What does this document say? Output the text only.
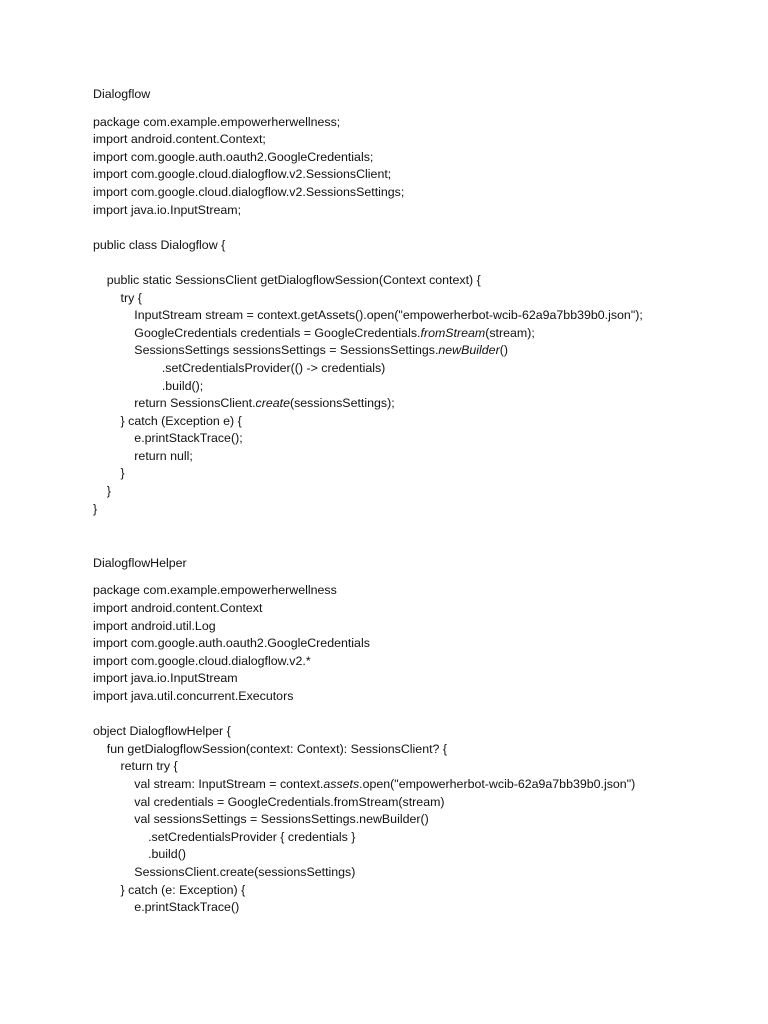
Dialogflow
package com.example.empowerherwellness;
import android.content.Context;
import com.google.auth.oauth2.GoogleCredentials;
import com.google.cloud.dialogflow.v2.SessionsClient;
import com.google.cloud.dialogflow.v2.SessionsSettings;
import java.io.InputStream;
public class Dialogflow {
public static SessionsClient getDialogflowSession(Context context) {
try {
InputStream stream = context.getAssets().open("empowerherbot-wcib-62a9a7bb39b0.json");
GoogleCredentials credentials = GoogleCredentials.fromStream(stream);
SessionsSettings sessionsSettings = SessionsSettings.newBuilder()
.setCredentialsProvider(() -> credentials)
.build();
return SessionsClient.create(sessionsSettings);
} catch (Exception e) {
e.printStackTrace();
return null;
}
}
}
DialogflowHelper
package com.example.empowerherwellness
import android.content.Context
import android.util.Log
import com.google.auth.oauth2.GoogleCredentials
import com.google.cloud.dialogflow.v2.*
import java.io.InputStream
import java.util.concurrent.Executors
object DialogflowHelper {
fun getDialogflowSession(context: Context): SessionsClient? {
return try {
val stream: InputStream = context.assets.open("empowerherbot-wcib-62a9a7bb39b0.json")
val credentials = GoogleCredentials.fromStream(stream)
val sessionsSettings = SessionsSettings.newBuilder()
.setCredentialsProvider { credentials }
.build()
SessionsClient.create(sessionsSettings)
} catch (e: Exception) {
e.printStackTrace()
